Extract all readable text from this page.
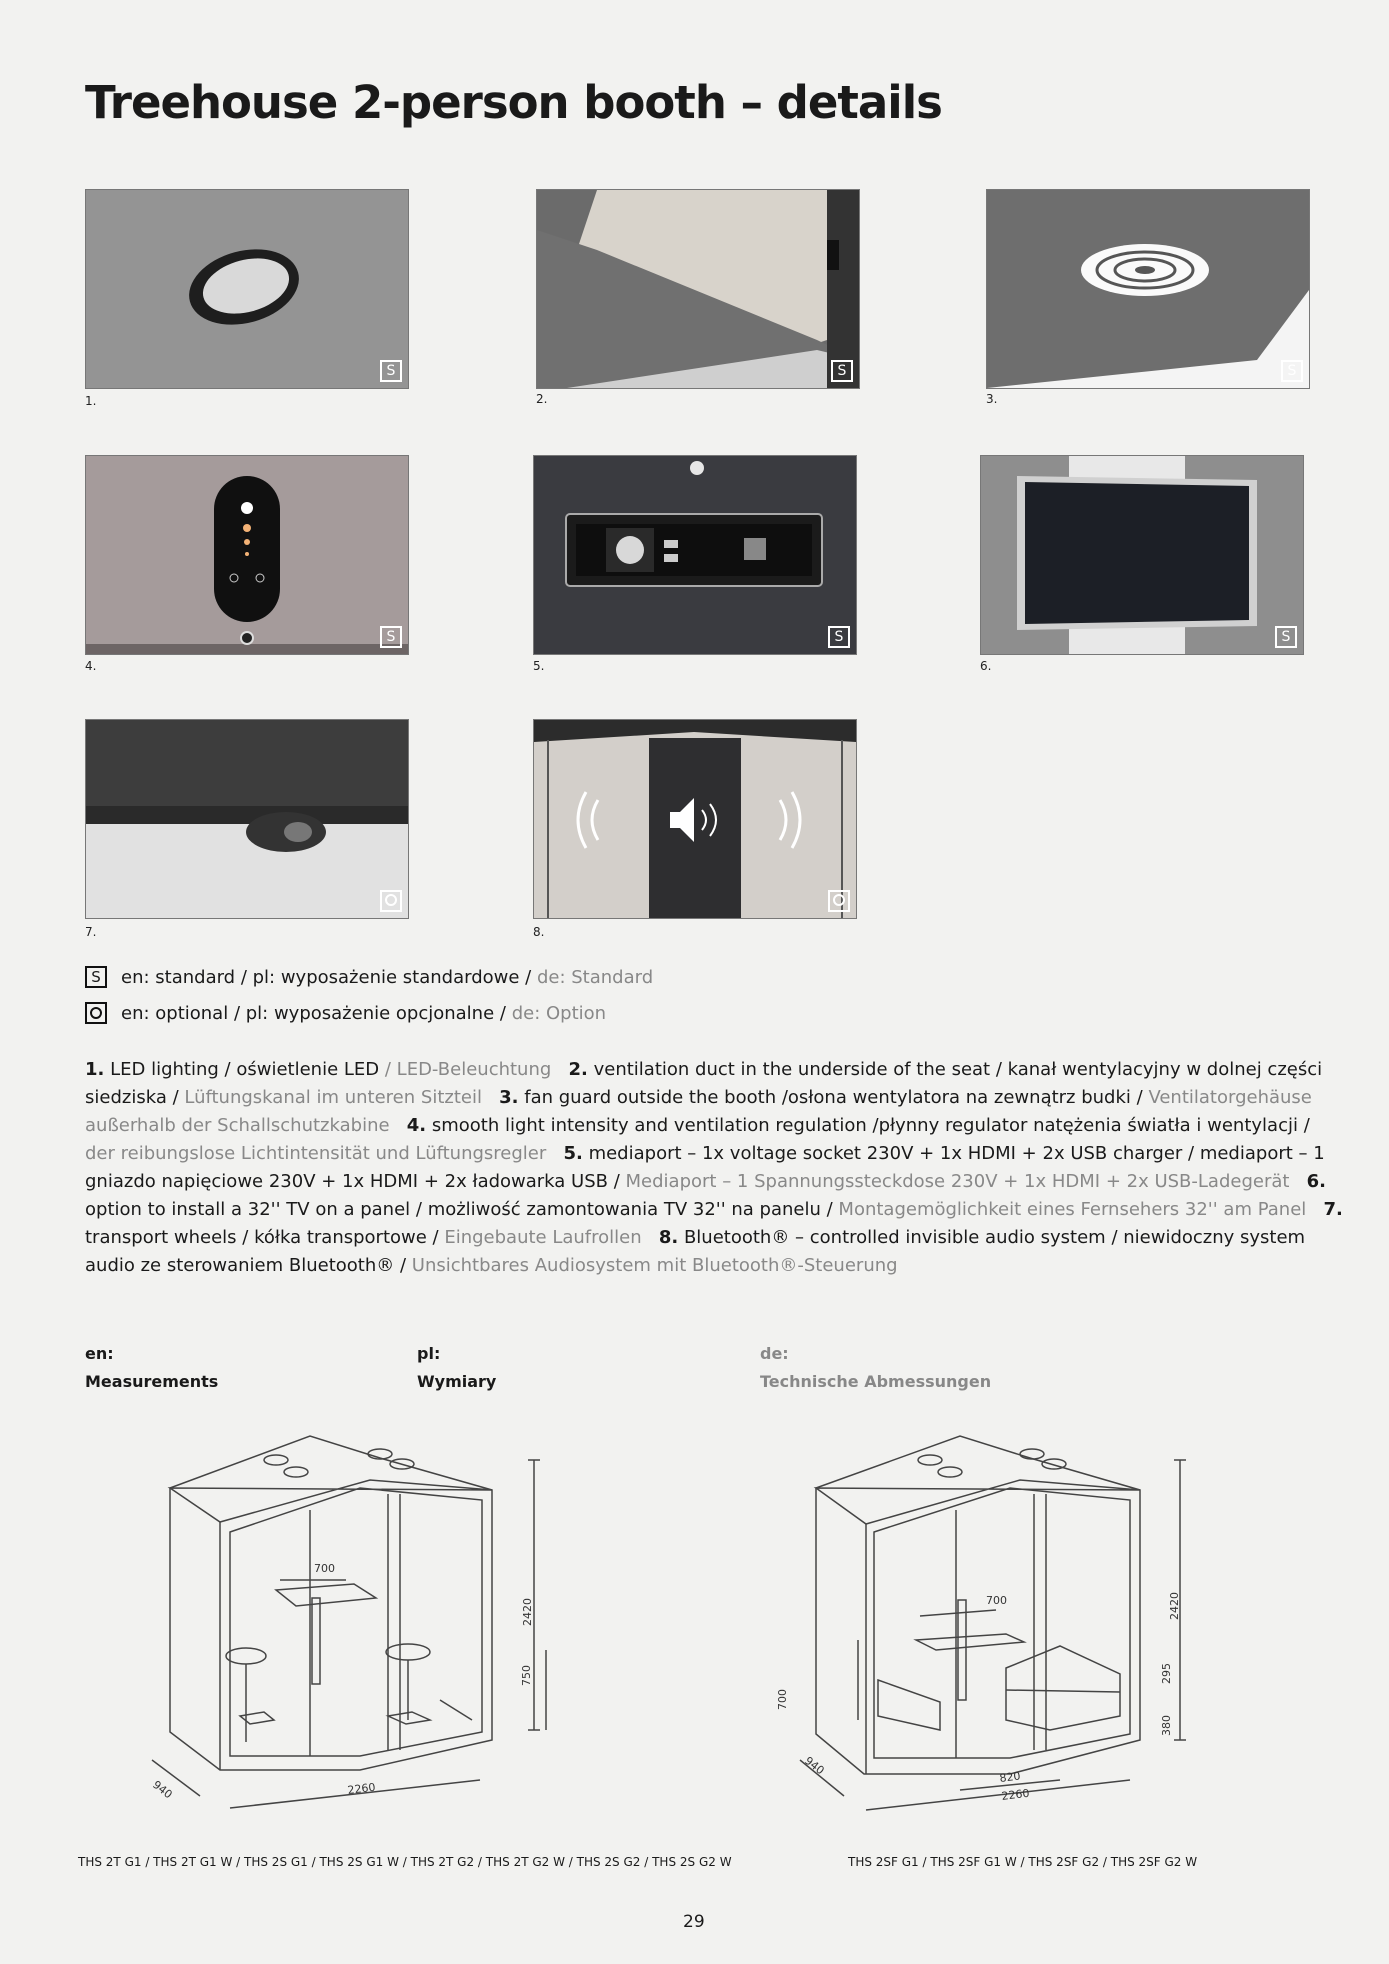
Treehouse 2-person booth – details
S
1.
S
2.
S
3.
S
4.
S
5.
S
6.
7.	8.
S	en: standard / pl: wyposażenie standardowe / de: Standard
en: optional / pl: wyposażenie opcjonalne / de: Option

1. LED lighting / oświetlenie LED / LED-Beleuchtung 2. ventilation duct in the underside of the seat / kanał wentylacyjny w dolnej części siedziska / Lüftungskanal im unteren Sitzteil 3. fan guard outside the booth /osłona wentylatora na zewnątrz budki / Ventilatorgehäuse außerhalb der Schallschutzkabine 4. smooth light intensity and ventilation regulation /płynny regulator natężenia światła i wentylacji / der reibungslose Lichtintensität und Lüftungsregler 5. mediaport – 1x voltage socket 230V + 1x HDMI + 2x USB charger / mediaport – 1 gniazdo napięciowe 230V + 1x HDMI + 2x ładowarka USB / Mediaport – 1 Spannungssteckdose 230V + 1x HDMI + 2x USB-Ladegerät 6. option to install a 32'' TV on a panel / możliwość zamontowania TV 32'' na panelu / Montagemöglichkeit eines Fernsehers 32'' am Panel 7. transport wheels / kółka transportowe / Eingebaute Laufrollen 8. Bluetooth® – controlled invisible audio system / niewidoczny system audio ze sterowaniem Bluetooth® / Unsichtbares Audiosystem mit Bluetooth®-Steuerung

en:
Measurements
pl:
Wymiary
de:
Technische Abmessungen
700
2420
750
2260
940
700	2420
295
380
700
940	820
2260
THS 2T G1 / THS 2T G1 W / THS 2S G1 / THS 2S G1 W / THS 2T G2 / THS 2T G2 W / THS 2S G2 / THS 2S G2 W	THS 2SF G1 / THS 2SF G1 W / THS 2SF G2 / THS 2SF G2 W
29
